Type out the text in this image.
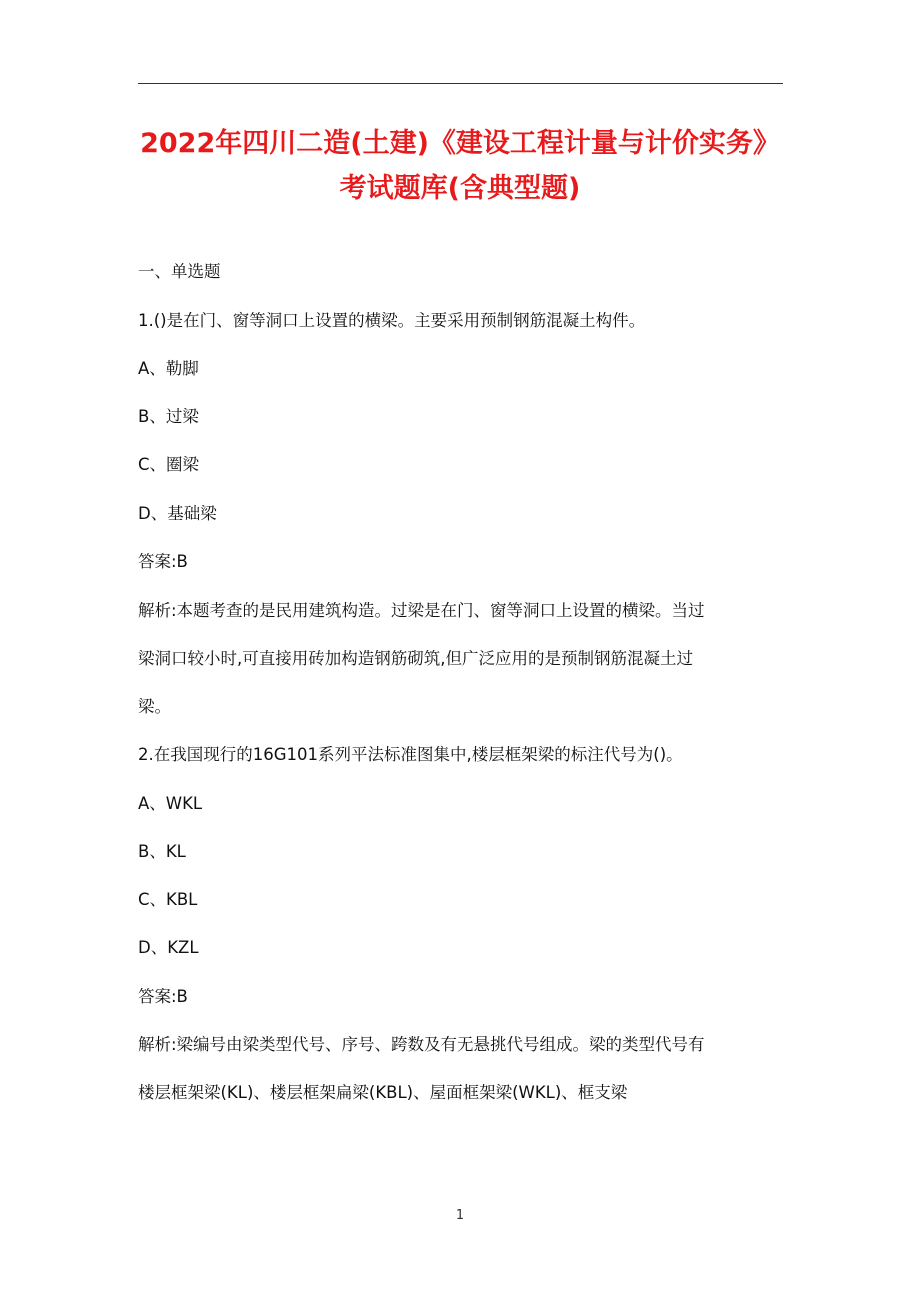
2022年四川二造(土建)《建设工程计量与计价实务》
考试题库(含典型题)
一、单选题
1.()是在门、窗等洞口上设置的横梁。主要采用预制钢筋混凝土构件。
A、勒脚
B、过梁
C、圈梁
D、基础梁
答案:B
解析:本题考查的是民用建筑构造。过梁是在门、窗等洞口上设置的横梁。当过
梁洞口较小时,可直接用砖加构造钢筋砌筑,但广泛应用的是预制钢筋混凝土过
梁。
2.在我国现行的16G101系列平法标准图集中,楼层框架梁的标注代号为()。
A、WKL
B、KL
C、KBL
D、KZL
答案:B
解析:梁编号由梁类型代号、序号、跨数及有无悬挑代号组成。梁的类型代号有
楼层框架梁(KL)、楼层框架扁梁(KBL)、屋面框架梁(WKL)、框支梁
1
